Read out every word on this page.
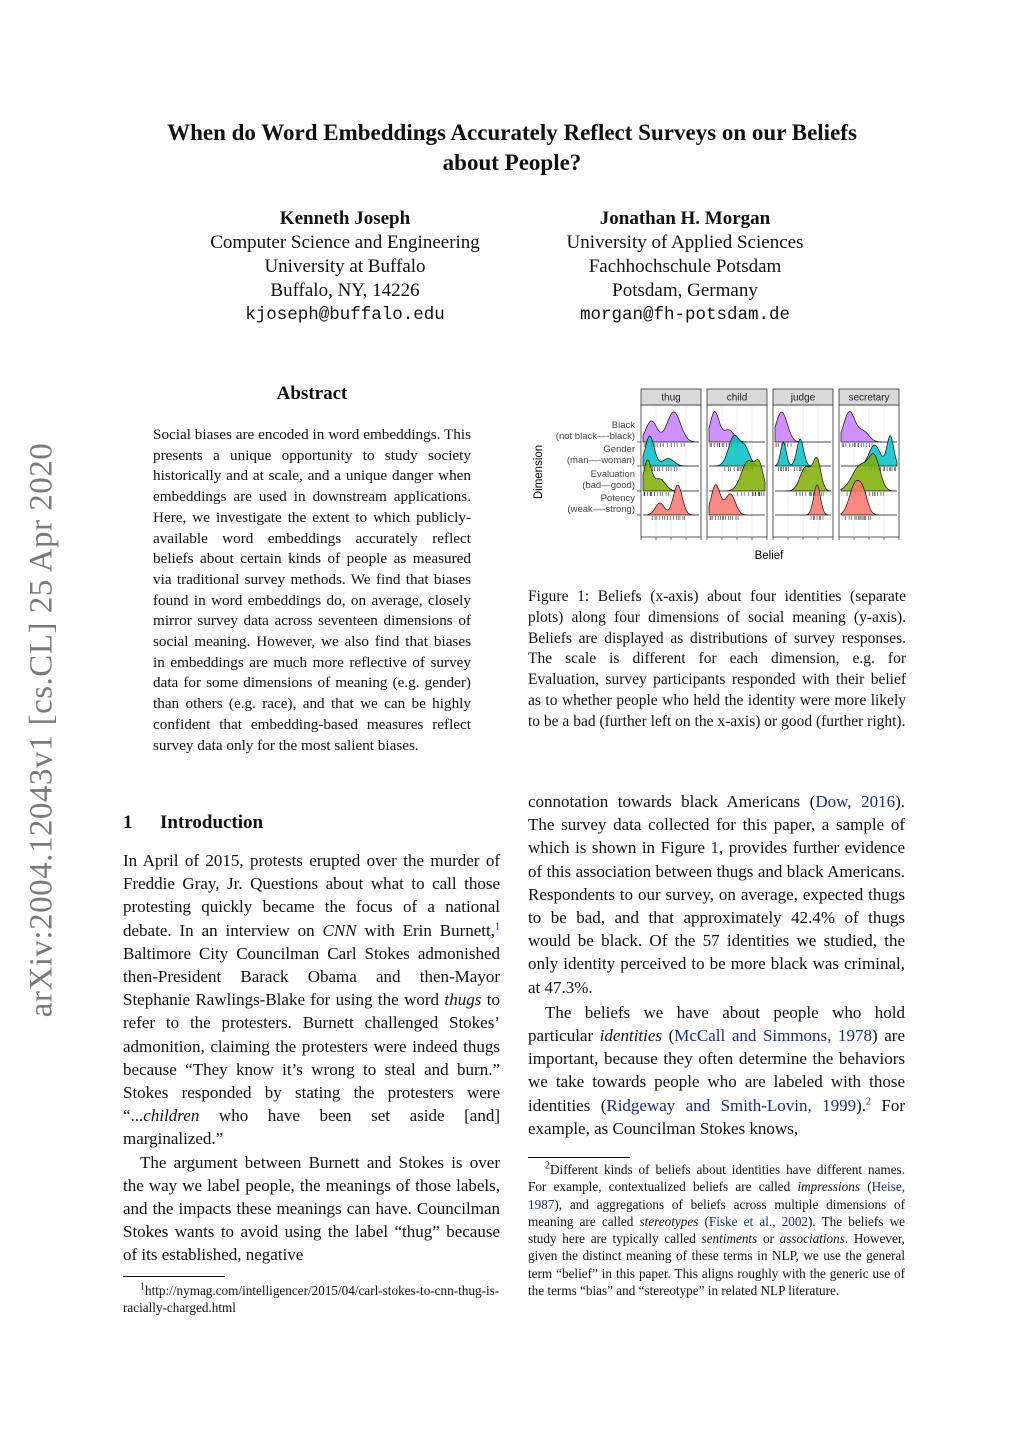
When do Word Embeddings Accurately Reflect Surveys on our Beliefs
about People?
Kenneth Joseph
Computer Science and Engineering
University at Buffalo
Buffalo, NY, 14226
kjoseph@buffalo.edu
Jonathan H. Morgan
University of Applied Sciences
Fachhochschule Potsdam
Potsdam, Germany
morgan@fh-potsdam.de
arXiv:2004.12043v1 [cs.CL] 25 Apr 2020
Abstract

Social biases are encoded in word embeddings. This presents a unique opportunity to study society historically and at scale, and a unique danger when embeddings are used in downstream applications. Here, we investigate the extent to which publicly-available word embeddings accurately reflect beliefs about certain kinds of people as measured via traditional survey methods. We find that biases found in word embeddings do, on average, closely mirror survey data across seventeen dimensions of social meaning. However, we also find that biases in embeddings are much more reflective of survey data for some dimensions of meaning (e.g. gender) than others (e.g. race), and that we can be highly confident that embedding-based measures reflect survey data only for the most salient biases.

1 Introduction

In April of 2015, protests erupted over the murder of Freddie Gray, Jr. Questions about what to call those protesting quickly became the focus of a national debate. In an interview on CNN with Erin Burnett,$^1$ Baltimore City Councilman Carl Stokes admonished then-President Barack Obama and then-Mayor Stephanie Rawlings-Blake for using the word thugs to refer to the protesters. Burnett challenged Stokes’ admonition, claiming the protesters were indeed thugs because “They know it’s wrong to steal and burn.” Stokes responded by stating the protesters were “...children who have been set aside [and] marginalized.”

The argument between Burnett and Stokes is over the way we label people, the meanings of those labels, and the impacts these meanings can have. Councilman Stokes wants to avoid using the label “thug” because of its established, negative

$^1$http://nymag.com/intelligencer/2015/04/carl-stokes-to-cnn-thug-is-racially-charged.html
thug	child	judge	secretary
Black
(not black—-black)
Gender
(man—-woman)
Evaluation
(bad—good)
Potency
(weak—-strong)
Dimension
Belief
Figure 1: Beliefs (x-axis) about four identities (separate plots) along four dimensions of social meaning (y-axis). Beliefs are displayed as distributions of survey responses. The scale is different for each dimension, e.g. for Evaluation, survey participants responded with their belief as to whether people who held the identity were more likely to be a bad (further left on the x-axis) or good (further right).

connotation towards black Americans (Dow, 2016). The survey data collected for this paper, a sample of which is shown in Figure 1, provides further evidence of this association between thugs and black Americans. Respondents to our survey, on average, expected thugs to be bad, and that approximately 42.4% of thugs would be black. Of the 57 identities we studied, the only identity perceived to be more black was criminal, at 47.3%.

The beliefs we have about people who hold particular identities (McCall and Simmons, 1978) are important, because they often determine the behaviors we take towards people who are labeled with those identities (Ridgeway and Smith-Lovin, 1999).$^2$ For example, as Councilman Stokes knows,

$^2$Different kinds of beliefs about identities have different names. For example, contextualized beliefs are called impressions (Heise, 1987), and aggregations of beliefs across multiple dimensions of meaning are called stereotypes (Fiske et al., 2002). The beliefs we study here are typically called sentiments or associations. However, given the distinct meaning of these terms in NLP, we use the general term “belief” in this paper. This aligns roughly with the generic use of the terms “bias” and “stereotype” in related NLP literature.
